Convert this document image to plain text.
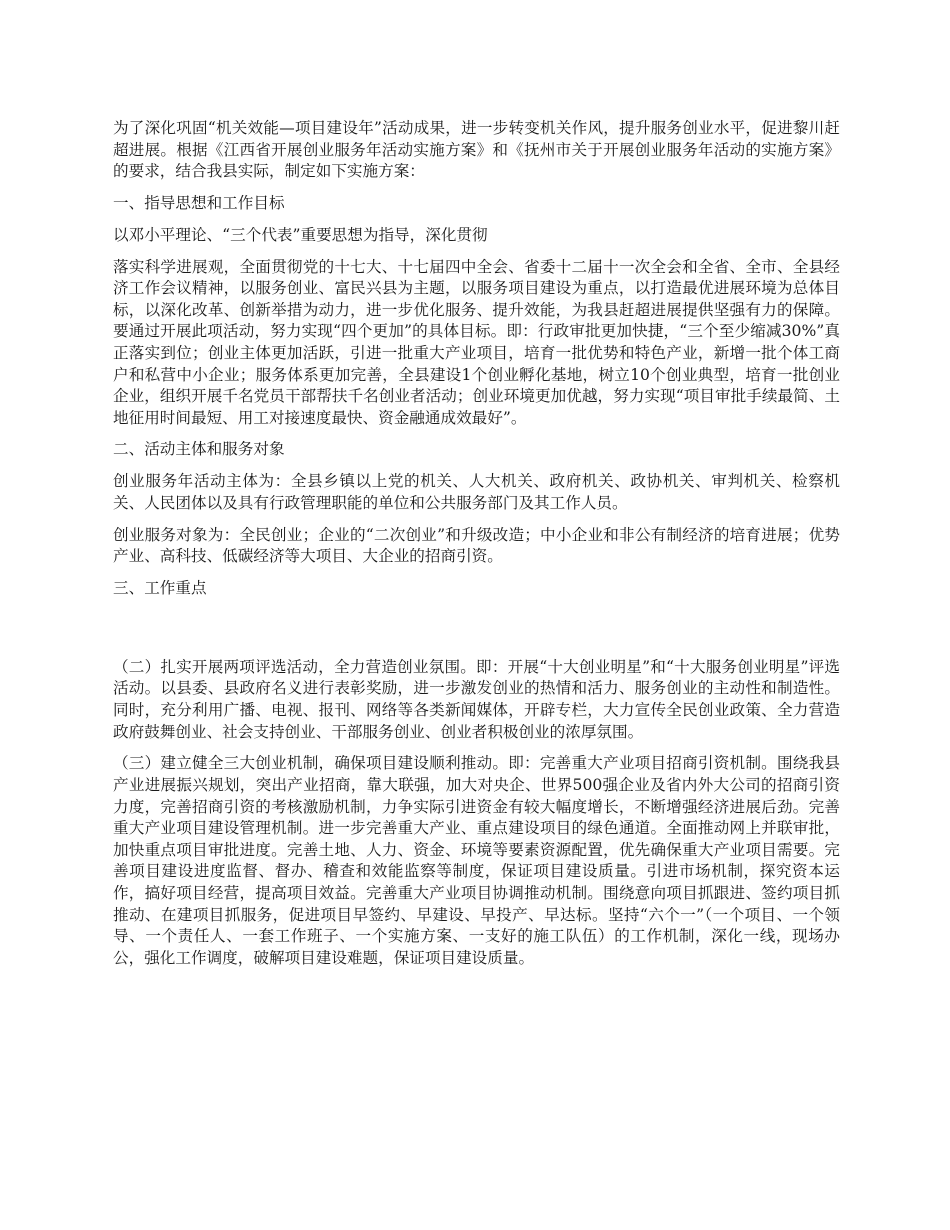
为了深化巩固“机关效能—项目建设年”活动成果，进一步转变机关作风，提升服务创业水平，促进黎川赶超进展。根据《江西省开展创业服务年活动实施方案》和《抚州市关于开展创业服务年活动的实施方案》的要求，结合我县实际，制定如下实施方案：

一、指导思想和工作目标

以邓小平理论、“三个代表”重要思想为指导，深化贯彻

落实科学进展观，全面贯彻党的十七大、十七届四中全会、省委十二届十一次全会和全省、全市、全县经济工作会议精神，以服务创业、富民兴县为主题，以服务项目建设为重点，以打造最优进展环境为总体目标，以深化改革、创新举措为动力，进一步优化服务、提升效能，为我县赶超进展提供坚强有力的保障。要通过开展此项活动，努力实现“四个更加”的具体目标。即：行政审批更加快捷，“三个至少缩减30%”真正落实到位；创业主体更加活跃，引进一批重大产业项目，培育一批优势和特色产业，新增一批个体工商户和私营中小企业；服务体系更加完善，全县建设1个创业孵化基地，树立10个创业典型，培育一批创业企业，组织开展千名党员干部帮扶千名创业者活动；创业环境更加优越，努力实现“项目审批手续最简、土地征用时间最短、用工对接速度最快、资金融通成效最好”。

二、活动主体和服务对象

创业服务年活动主体为：全县乡镇以上党的机关、人大机关、政府机关、政协机关、审判机关、检察机关、人民团体以及具有行政管理职能的单位和公共服务部门及其工作人员。

创业服务对象为：全民创业；企业的“二次创业”和升级改造；中小企业和非公有制经济的培育进展；优势产业、高科技、低碳经济等大项目、大企业的招商引资。

三、工作重点

（二）扎实开展两项评选活动，全力营造创业氛围。即：开展“十大创业明星”和“十大服务创业明星”评选活动。以县委、县政府名义进行表彰奖励，进一步激发创业的热情和活力、服务创业的主动性和制造性。同时，充分利用广播、电视、报刊、网络等各类新闻媒体，开辟专栏，大力宣传全民创业政策、全力营造政府鼓舞创业、社会支持创业、干部服务创业、创业者积极创业的浓厚氛围。

（三）建立健全三大创业机制，确保项目建设顺利推动。即：完善重大产业项目招商引资机制。围绕我县产业进展振兴规划，突出产业招商，靠大联强，加大对央企、世界500强企业及省内外大公司的招商引资力度，完善招商引资的考核激励机制，力争实际引进资金有较大幅度增长，不断增强经济进展后劲。完善重大产业项目建设管理机制。进一步完善重大产业、重点建设项目的绿色通道。全面推动网上并联审批，加快重点项目审批进度。完善土地、人力、资金、环境等要素资源配置，优先确保重大产业项目需要。完善项目建设进度监督、督办、稽查和效能监察等制度，保证项目建设质量。引进市场机制，探究资本运作，搞好项目经营，提高项目效益。完善重大产业项目协调推动机制。围绕意向项目抓跟进、签约项目抓推动、在建项目抓服务，促进项目早签约、早建设、早投产、早达标。坚持“六个一”（一个项目、一个领导、一个责任人、一套工作班子、一个实施方案、一支好的施工队伍）的工作机制，深化一线，现场办公，强化工作调度，破解项目建设难题，保证项目建设质量。
